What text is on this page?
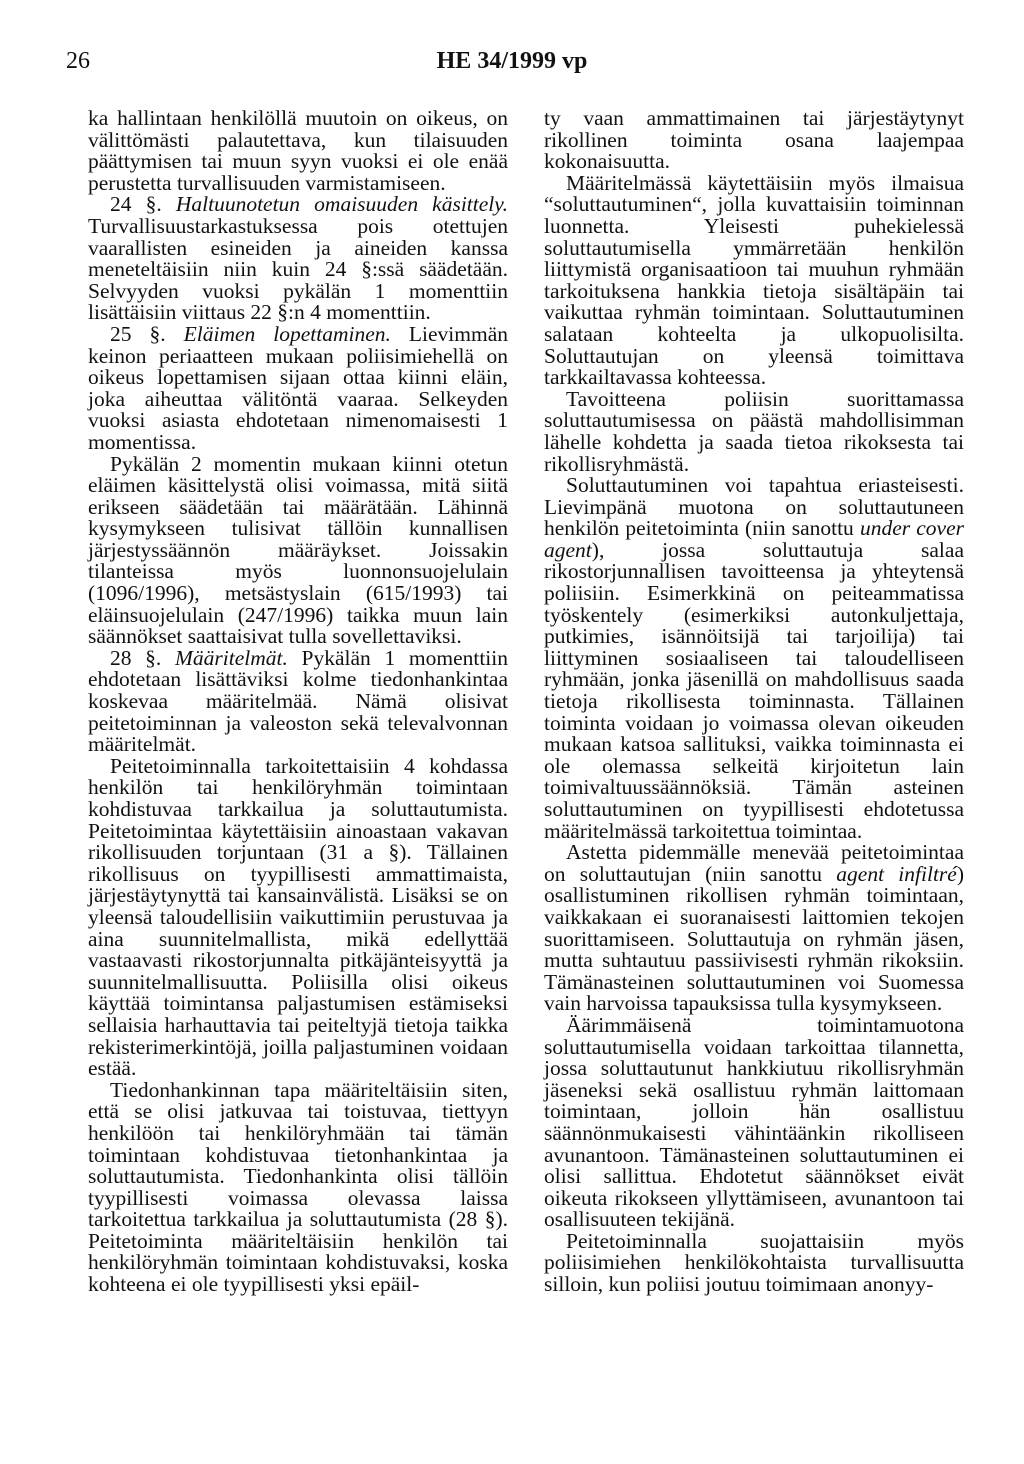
26	HE 34/1999 vp

ka hallintaan henkilöllä muutoin on oikeus, on välittömästi palautettava, kun tilaisuuden päättymisen tai muun syyn vuoksi ei ole enää perustetta turvallisuuden varmistamiseen.

24 §. Haltuunotetun omaisuuden käsittely. Turvallisuustarkastuksessa pois otettujen vaarallisten esineiden ja aineiden kanssa meneteltäisiin niin kuin 24 §:ssä säädetään. Selvyyden vuoksi pykälän 1 momenttiin lisättäisiin viittaus 22 §:n 4 momenttiin.

25 §. Eläimen lopettaminen. Lievimmän keinon periaatteen mukaan poliisimiehellä on oikeus lopettamisen sijaan ottaa kiinni eläin, joka aiheuttaa välitöntä vaaraa. Selkeyden vuoksi asiasta ehdotetaan nimenomaisesti 1 momentissa.

Pykälän 2 momentin mukaan kiinni otetun eläimen käsittelystä olisi voimassa, mitä siitä erikseen säädetään tai määrätään. Lähinnä kysymykseen tulisivat tällöin kunnallisen järjestyssäännön määräykset. Joissakin tilanteissa myös luonnonsuojelulain (1096/1996), metsästyslain (615/1993) tai eläinsuojelulain (247/1996) taikka muun lain säännökset saattaisivat tulla sovellettaviksi.

28 §. Määritelmät. Pykälän 1 momenttiin ehdotetaan lisättäviksi kolme tiedonhankintaa koskevaa määritelmää. Nämä olisivat peitetoiminnan ja valeoston sekä televalvonnan määritelmät.

Peitetoiminnalla tarkoitettaisiin 4 kohdassa henkilön tai henkilöryhmän toimintaan kohdistuvaa tarkkailua ja soluttautumista. Peitetoimintaa käytettäisiin ainoastaan vakavan rikollisuuden torjuntaan (31 a §). Tällainen rikollisuus on tyypillisesti ammattimaista, järjestäytynyttä tai kansainvälistä. Lisäksi se on yleensä taloudellisiin vaikuttimiin perustuvaa ja aina suunnitelmallista, mikä edellyttää vastaavasti rikostorjunnalta pitkäjänteisyyttä ja suunnitelmallisuutta. Poliisilla olisi oikeus käyttää toimintansa paljastumisen estämiseksi sellaisia harhauttavia tai peiteltyjä tietoja taikka rekisterimerkintöjä, joilla paljastuminen voidaan estää.

Tiedonhankinnan tapa määriteltäisiin siten, että se olisi jatkuvaa tai toistuvaa, tiettyyn henkilöön tai henkilöryhmään tai tämän toimintaan kohdistuvaa tietonhankintaa ja soluttautumista. Tiedonhankinta olisi tällöin tyypillisesti voimassa olevassa laissa tarkoitettua tarkkailua ja soluttautumista (28 §). Peitetoiminta määriteltäisiin henkilön tai henkilöryhmän toimintaan kohdistuvaksi, koska kohteena ei ole tyypillisesti yksi epäil-

ty vaan ammattimainen tai järjestäytynyt rikollinen toiminta osana laajempaa kokonaisuutta.

Määritelmässä käytettäisiin myös ilmaisua “soluttautuminen“, jolla kuvattaisiin toiminnan luonnetta. Yleisesti puhekielessä soluttautumisella ymmärretään henkilön liittymistä organisaatioon tai muuhun ryhmään tarkoituksena hankkia tietoja sisältäpäin tai vaikuttaa ryhmän toimintaan. Soluttautuminen salataan kohteelta ja ulkopuolisilta. Soluttautujan on yleensä toimittava tarkkailtavassa kohteessa.

Tavoitteena poliisin suorittamassa soluttautumisessa on päästä mahdollisimman lähelle kohdetta ja saada tietoa rikoksesta tai rikollisryhmästä.

Soluttautuminen voi tapahtua eriasteisesti. Lievimpänä muotona on soluttautuneen henkilön peitetoiminta (niin sanottu under cover agent), jossa soluttautuja salaa rikostorjunnallisen tavoitteensa ja yhteytensä poliisiin. Esimerkkinä on peiteammatissa työskentely (esimerkiksi autonkuljettaja, putkimies, isännöitsijä tai tarjoilija) tai liittyminen sosiaaliseen tai taloudelliseen ryhmään, jonka jäsenillä on mahdollisuus saada tietoja rikollisesta toiminnasta. Tällainen toiminta voidaan jo voimassa olevan oikeuden mukaan katsoa sallituksi, vaikka toiminnasta ei ole olemassa selkeitä kirjoitetun lain toimivaltuussäännöksiä. Tämän asteinen soluttautuminen on tyypillisesti ehdotetussa määritelmässä tarkoitettua toimintaa.

Astetta pidemmälle menevää peitetoimintaa on soluttautujan (niin sanottu agent infiltré) osallistuminen rikollisen ryhmän toimintaan, vaikkakaan ei suoranaisesti laittomien tekojen suorittamiseen. Soluttautuja on ryhmän jäsen, mutta suhtautuu passiivisesti ryhmän rikoksiin. Tämänasteinen soluttautuminen voi Suomessa vain harvoissa tapauksissa tulla kysymykseen.

Äärimmäisenä toimintamuotona soluttautumisella voidaan tarkoittaa tilannetta, jossa soluttautunut hankkiutuu rikollisryhmän jäseneksi sekä osallistuu ryhmän laittomaan toimintaan, jolloin hän osallistuu säännönmukaisesti vähintäänkin rikolliseen avunantoon. Tämänasteinen soluttautuminen ei olisi sallittua. Ehdotetut säännökset eivät oikeuta rikokseen yllyttämiseen, avunantoon tai osallisuuteen tekijänä.

Peitetoiminnalla suojattaisiin myös poliisimiehen henkilökohtaista turvallisuutta silloin, kun poliisi joutuu toimimaan anonyy-
